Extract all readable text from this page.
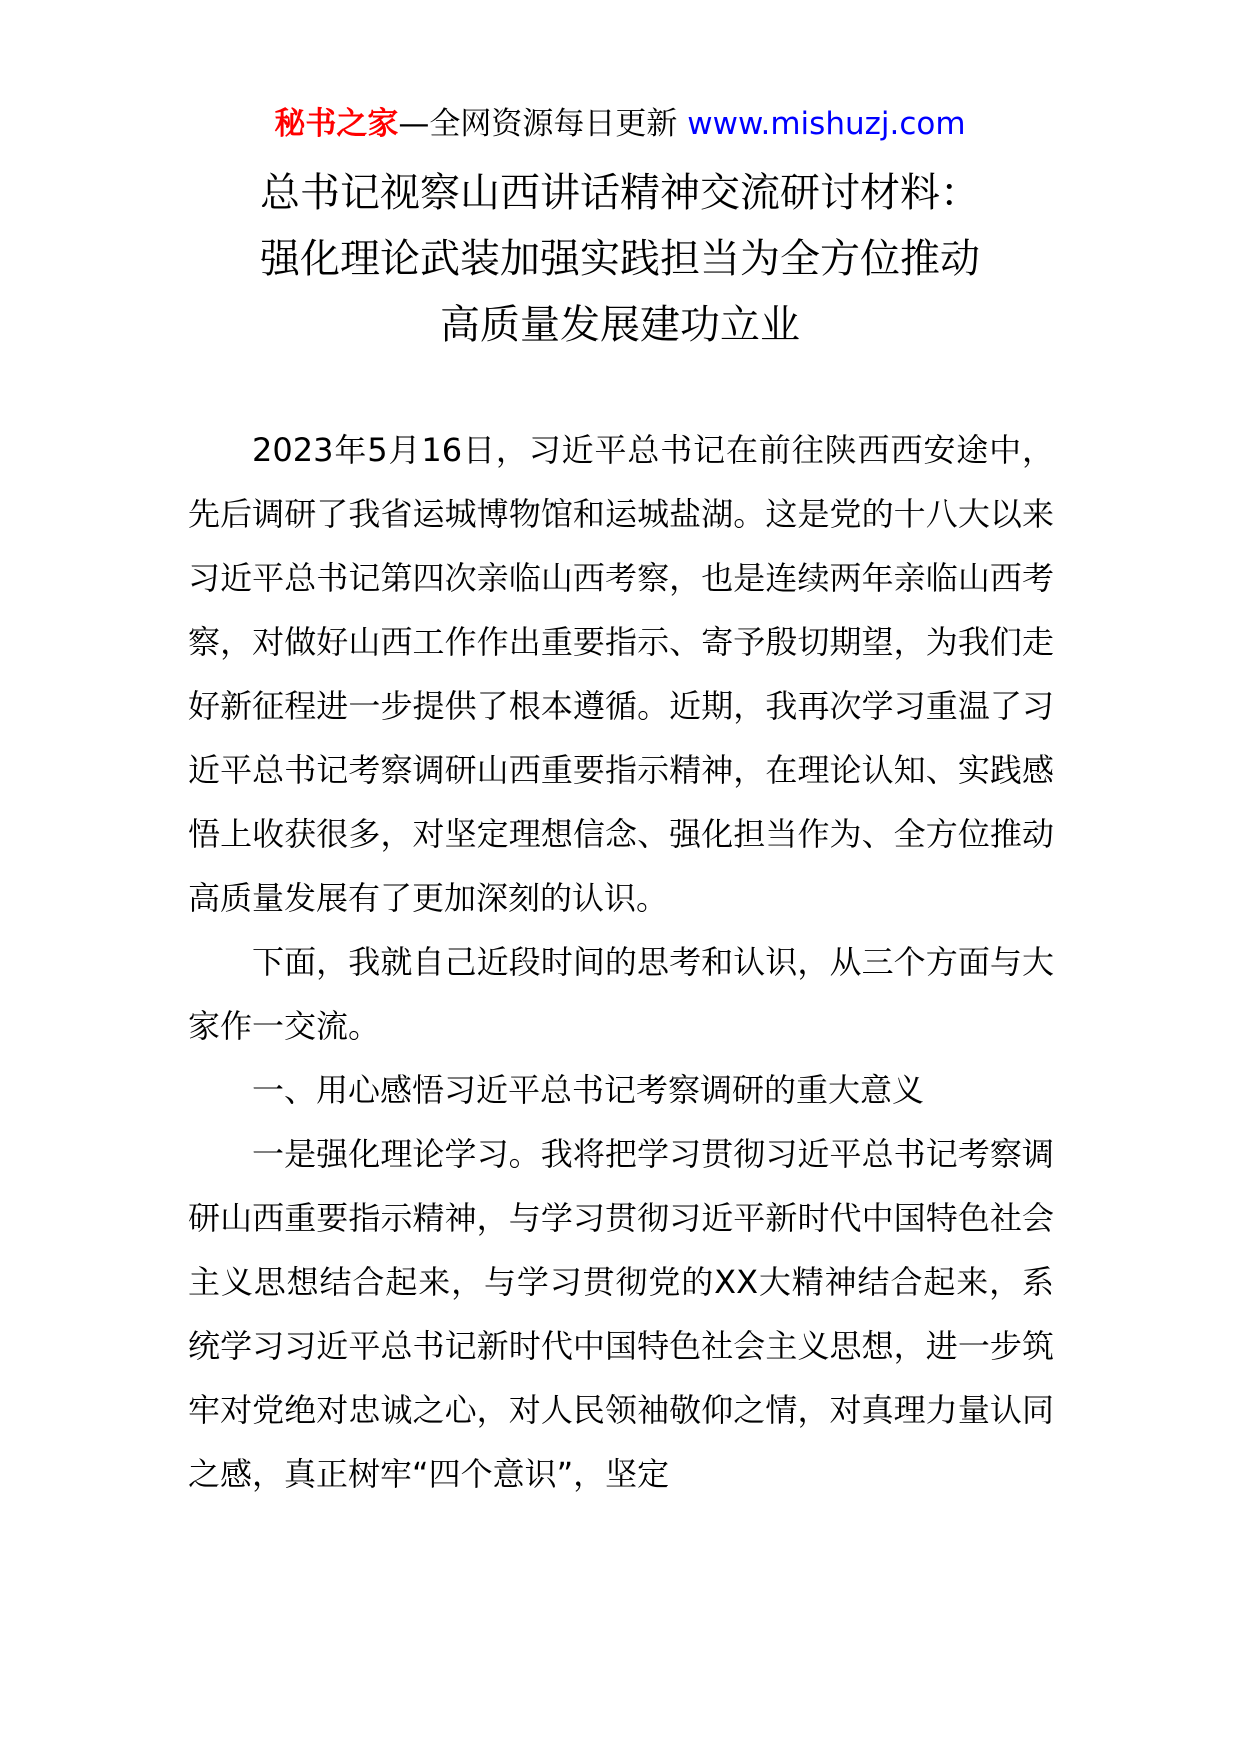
秘书之家—全网资源每日更新 www.mishuzj.com
总书记视察山西讲话精神交流研讨材料：
强化理论武装加强实践担当为全方位推动
高质量发展建功立业

2023年5月16日，习近平总书记在前往陕西西安途中，先后调研了我省运城博物馆和运城盐湖。这是党的十八大以来习近平总书记第四次亲临山西考察，也是连续两年亲临山西考察，对做好山西工作作出重要指示、寄予殷切期望，为我们走好新征程进一步提供了根本遵循。近期，我再次学习重温了习近平总书记考察调研山西重要指示精神，在理论认知、实践感悟上收获很多，对坚定理想信念、强化担当作为、全方位推动高质量发展有了更加深刻的认识。

下面，我就自己近段时间的思考和认识，从三个方面与大家作一交流。

一、用心感悟习近平总书记考察调研的重大意义

一是强化理论学习。我将把学习贯彻习近平总书记考察调研山西重要指示精神，与学习贯彻习近平新时代中国特色社会主义思想结合起来，与学习贯彻党的XX大精神结合起来，系统学习习近平总书记新时代中国特色社会主义思想，进一步筑牢对党绝对忠诚之心，对人民领袖敬仰之情，对真理力量认同之感，真正树牢“四个意识”，坚定
